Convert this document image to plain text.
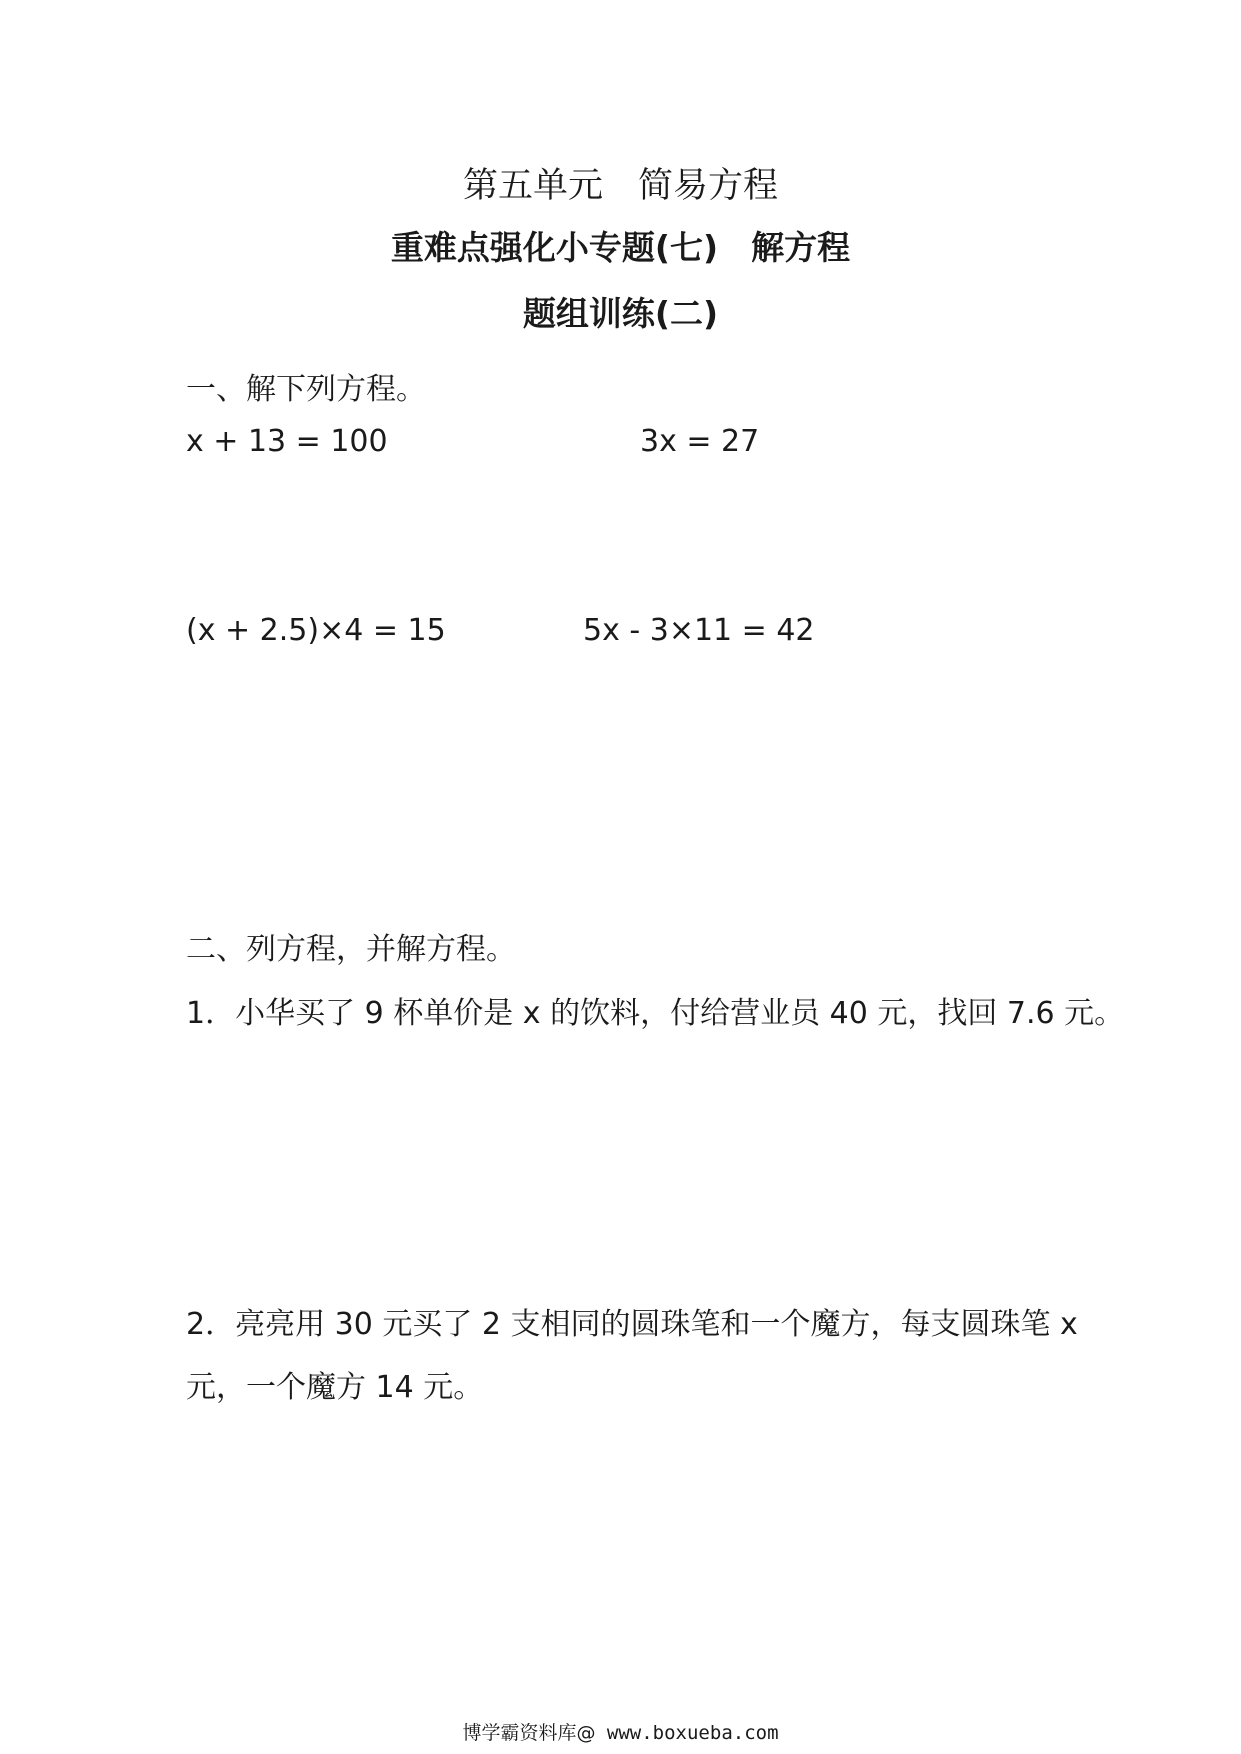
第五单元　简易方程
重难点强化小专题(七)　解方程
题组训练(二)
一、解下列方程。
x + 13 = 100	3x = 27
(x + 2.5)×4 = 15	5x - 3×11 = 42
二、列方程，并解方程。
1．小华买了 9 杯单价是 x 的饮料，付给营业员 40 元，找回 7.6 元。
2．亮亮用 30 元买了 2 支相同的圆珠笔和一个魔方，每支圆珠笔 x
元，一个魔方 14 元。
博学霸资料库@ www.boxueba.com
